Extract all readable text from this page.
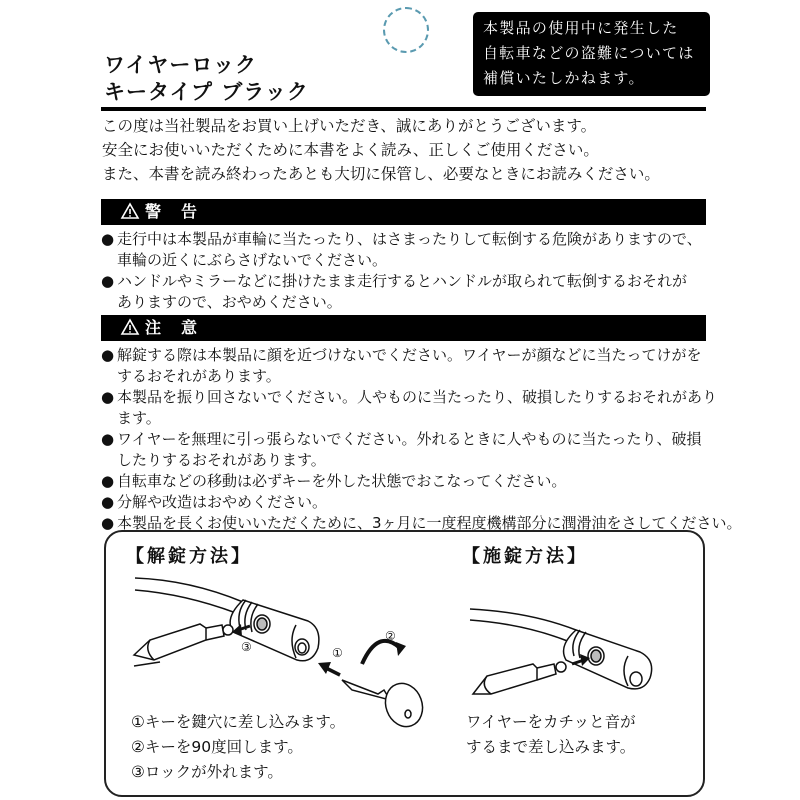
ワイヤーロック
キータイプ ブラック
本製品の使用中に発生した
自転車などの盗難については
補償いたしかねます。
この度は当社製品をお買い上げいただき、誠にありがとうございます。
安全にお使いいただくために本書をよく読み、正しくご使用ください。
また、本書を読み終わったあとも大切に保管し、必要なときにお読みください。
警 告
● 走行中は本製品が車輪に当たったり、はさまったりして転倒する危険がありますので、
車輪の近くにぶらさげないでください。
● ハンドルやミラーなどに掛けたまま走行するとハンドルが取られて転倒するおそれが
ありますので、おやめください。
注 意
● 解錠する際は本製品に顔を近づけないでください。ワイヤーが顔などに当たってけがを
するおそれがあります。
● 本製品を振り回さないでください。人やものに当たったり、破損したりするおそれがあり
ます。
● ワイヤーを無理に引っ張らないでください。外れるときに人やものに当たったり、破損
したりするおそれがあります。
● 自転車などの移動は必ずキーを外した状態でおこなってください。
● 分解や改造はおやめください。
● 本製品を長くお使いいただくために、3ヶ月に一度程度機構部分に潤滑油をさしてください。
【解錠方法】	【施錠方法】
③	①
②
①キーを鍵穴に差し込みます。
②キーを90度回します。
③ロックが外れます。
ワイヤーをカチッと音が
するまで差し込みます。
